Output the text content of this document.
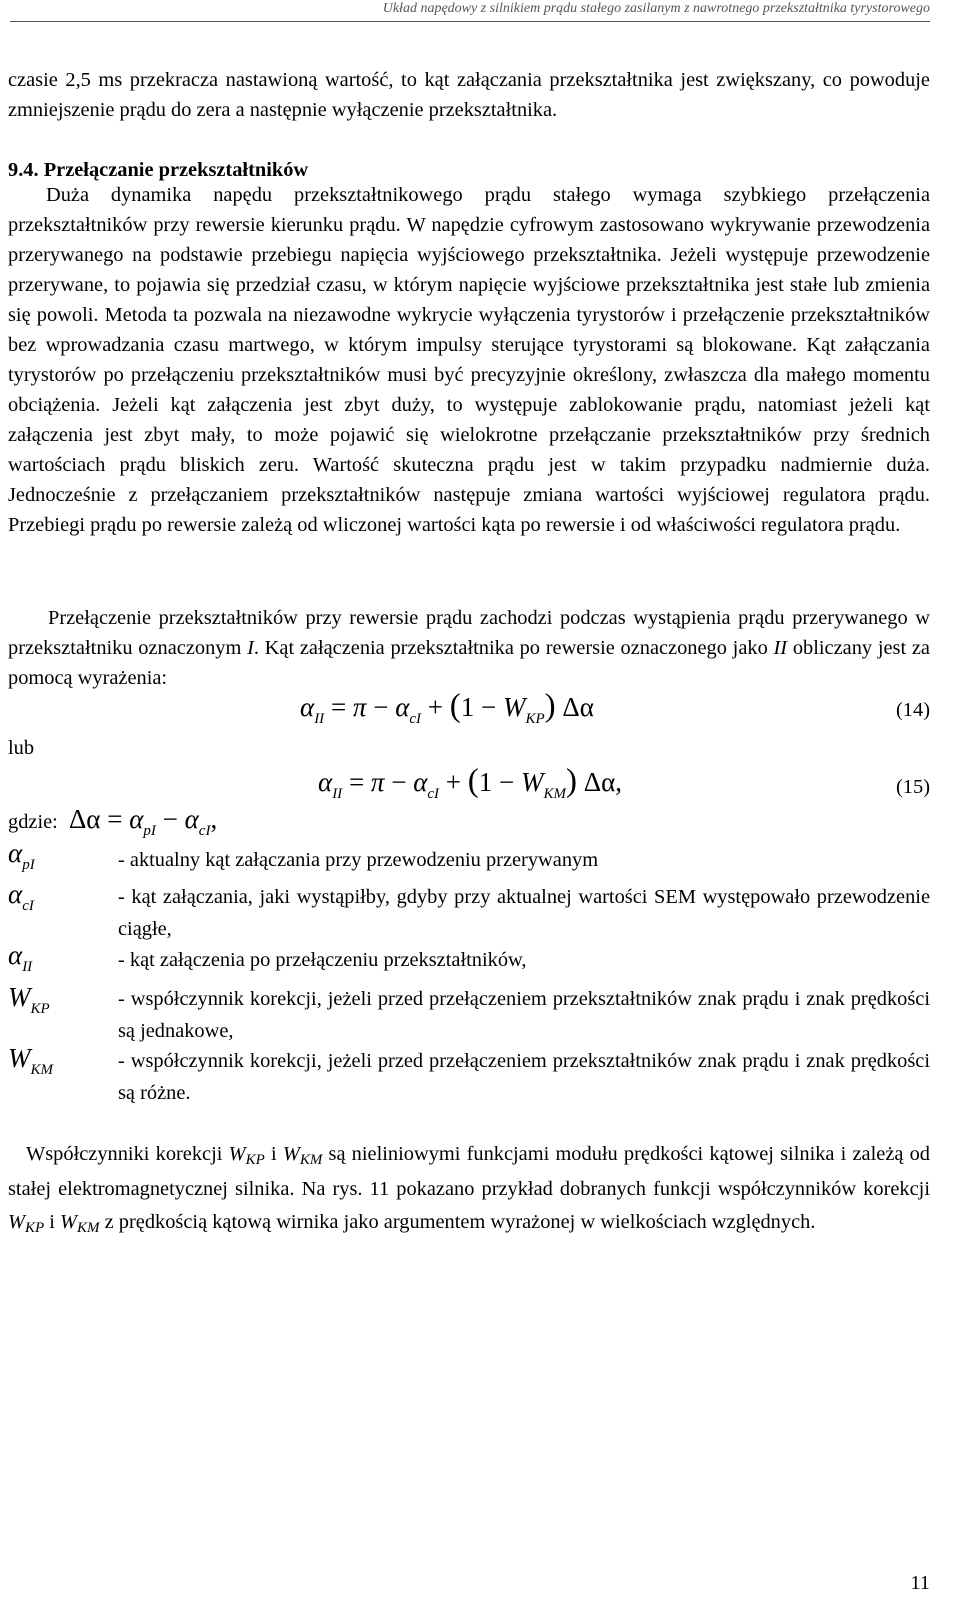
Układ napędowy z silnikiem prądu stałego zasilanym z nawrotnego przekształtnika tyrystorowego
czasie 2,5 ms przekracza nastawioną wartość, to kąt załączania przekształtnika jest zwiększany, co powoduje zmniejszenie prądu do zera a następnie wyłączenie przekształtnika.
9.4. Przełączanie przekształtników
Duża dynamika napędu przekształtnikowego prądu stałego wymaga szybkiego przełączenia przekształtników przy rewersie kierunku prądu. W napędzie cyfrowym zastosowano wykrywanie przewodzenia przerywanego na podstawie przebiegu napięcia wyjściowego przekształtnika. Jeżeli występuje przewodzenie przerywane, to pojawia się przedział czasu, w którym napięcie wyjściowe przekształtnika jest stałe lub zmienia się powoli. Metoda ta pozwala na niezawodne wykrycie wyłączenia tyrystorów i przełączenie przekształtników bez wprowadzania czasu martwego, w którym impulsy sterujące tyrystorami są blokowane. Kąt załączania tyrystorów po przełączeniu przekształtników musi być precyzyjnie określony, zwłaszcza dla małego momentu obciążenia. Jeżeli kąt załączenia jest zbyt duży, to występuje zablokowanie prądu, natomiast jeżeli kąt załączenia jest zbyt mały, to może pojawić się wielokrotne przełączanie przekształtników przy średnich wartościach prądu bliskich zeru. Wartość skuteczna prądu jest w takim przypadku nadmiernie duża. Jednocześnie z przełączaniem przekształtników następuje zmiana wartości wyjściowej regulatora prądu. Przebiegi prądu po rewersie zależą od wliczonej wartości kąta po rewersie i od właściwości regulatora prądu.
Przełączenie przekształtników przy rewersie prądu zachodzi podczas wystąpienia prądu przerywanego w przekształtniku oznaczonym I. Kąt załączenia przekształtnika po rewersie oznaczonego jako II obliczany jest za pomocą wyrażenia:
$\alpha_{II} = \pi - \alpha_{cI} + (1 - W_{KP})$ Δα	(14)
lub
$\alpha_{II} = \pi - \alpha_{cI} + (1 - W_{KM})$ Δα,	(15)
gdzie: $\Delta\alpha = \alpha_{pI} - \alpha_{cI}$,
$\alpha_{pI}$	- aktualny kąt załączania przy przewodzeniu przerywanym
$\alpha_{cI}$	- kąt załączania, jaki wystąpiłby, gdyby przy aktualnej wartości SEM występowało przewodzenie ciągłe,
$\alpha_{II}$	- kąt załączenia po przełączeniu przekształtników,
$W_{KP}$	- współczynnik korekcji, jeżeli przed przełączeniem przekształtników znak prądu i znak prędkości są jednakowe,
$W_{KM}$	- współczynnik korekcji, jeżeli przed przełączeniem przekształtników znak prądu i znak prędkości są różne.
Współczynniki korekcji WKP i WKM są nieliniowymi funkcjami modułu prędkości kątowej silnika i zależą od stałej elektromagnetycznej silnika. Na rys. 11 pokazano przykład dobranych funkcji współczynników korekcji WKP i WKM z prędkością kątową wirnika jako argumentem wyrażonej w wielkościach względnych.
11
